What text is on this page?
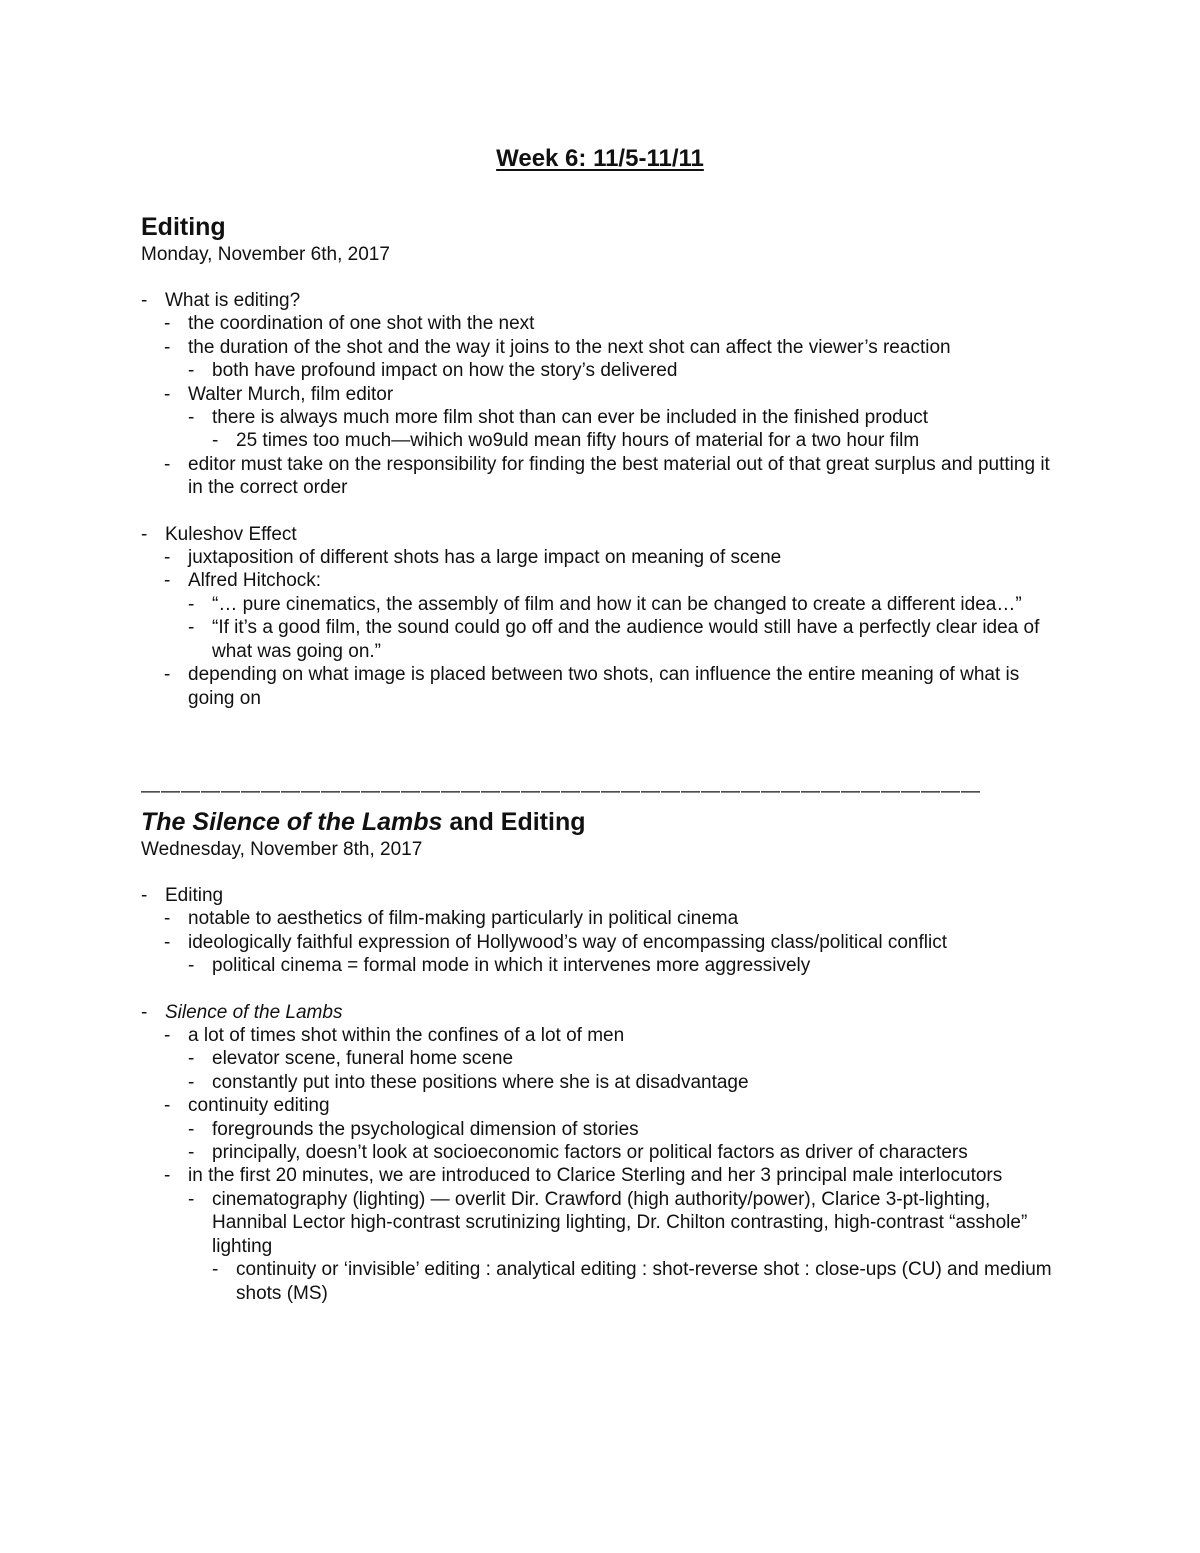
Week 6: 11/5-11/11
Editing

Monday, November 6th, 2017

- What is editing?
- the coordination of one shot with the next
- the duration of the shot and the way it joins to the next shot can affect the viewer’s reaction
- both have profound impact on how the story’s delivered
- Walter Murch, film editor
- there is always much more film shot than can ever be included in the finished product
- 25 times too much—wihich wo9uld mean fifty hours of material for a two hour film
- editor must take on the responsibility for finding the best material out of that great surplus and putting it in the correct order
- Kuleshov Effect
- juxtaposition of different shots has a large impact on meaning of scene
- Alfred Hitchock:
- “… pure cinematics, the assembly of film and how it can be changed to create a different idea…”
- “If it’s a good film, the sound could go off and the audience would still have a perfectly clear idea of what was going on.”
- depending on what image is placed between two shots, can influence the entire meaning of what is going on
——————————————————————————————————————————
The Silence of the Lambs and Editing

Wednesday, November 8th, 2017

- Editing
- notable to aesthetics of film-making particularly in political cinema
- ideologically faithful expression of Hollywood’s way of encompassing class/political conflict
- political cinema = formal mode in which it intervenes more aggressively
- Silence of the Lambs
- a lot of times shot within the confines of a lot of men
- elevator scene, funeral home scene
- constantly put into these positions where she is at disadvantage
- continuity editing
- foregrounds the psychological dimension of stories
- principally, doesn’t look at socioeconomic factors or political factors as driver of characters
- in the first 20 minutes, we are introduced to Clarice Sterling and her 3 principal male interlocutors
- cinematography (lighting) — overlit Dir. Crawford (high authority/power), Clarice 3-pt-lighting, Hannibal Lector high-contrast scrutinizing lighting, Dr. Chilton contrasting, high-contrast “asshole” lighting
- continuity or ‘invisible’ editing : analytical editing : shot-reverse shot : close-ups (CU) and medium shots (MS)
